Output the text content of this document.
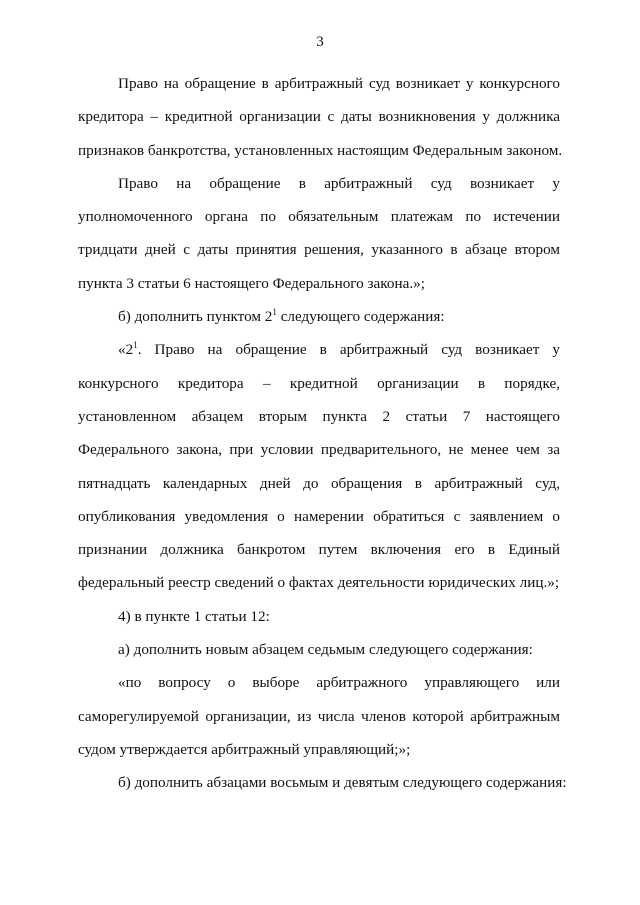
3
Право на обращение в арбитражный суд возникает у конкурсного
кредитора – кредитной организации с даты возникновения у должника
признаков банкротства, установленных настоящим Федеральным законом.
Право на обращение в арбитражный суд возникает у
уполномоченного органа по обязательным платежам по истечении
тридцати дней с даты принятия решения, указанного в абзаце втором
пункта 3 статьи 6 настоящего Федерального закона.»;
б) дополнить пунктом $2^1$ следующего содержания:
«$2^1$. Право на обращение в арбитражный суд возникает у
конкурсного кредитора – кредитной организации в порядке,
установленном абзацем вторым пункта 2 статьи 7 настоящего
Федерального закона, при условии предварительного, не менее чем за
пятнадцать календарных дней до обращения в арбитражный суд,
опубликования уведомления о намерении обратиться с заявлением о
признании должника банкротом путем включения его в Единый
федеральный реестр сведений о фактах деятельности юридических лиц.»;
4) в пункте 1 статьи 12:
а) дополнить новым абзацем седьмым следующего содержания:
«по вопросу о выборе арбитражного управляющего или
саморегулируемой организации, из числа членов которой арбитражным
судом утверждается арбитражный управляющий;»;
б) дополнить абзацами восьмым и девятым следующего содержания:
